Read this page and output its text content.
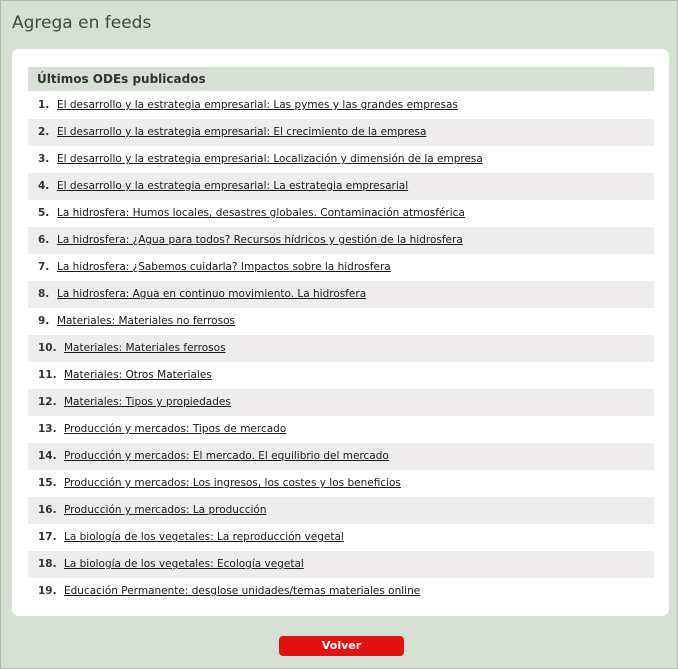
Agrega en feeds
Últimos ODEs publicados
1. El desarrollo y la estrategia empresarial: Las pymes y las grandes empresas
2. El desarrollo y la estrategia empresarial: El crecimiento de la empresa
3. El desarrollo y la estrategia empresarial: Localización y dimensión de la empresa
4. El desarrollo y la estrategia empresarial: La estrategia empresarial
5. La hidrosfera: Humos locales, desastres globales. Contaminación atmosférica
6. La hidrosfera: ¿Agua para todos? Recursos hídricos y gestión de la hidrosfera
7. La hidrosfera: ¿Sabemos cuidarla? Impactos sobre la hidrosfera
8. La hidrosfera: Agua en continuo movimiento. La hidrosfera
9. Materiales: Materiales no ferrosos
10. Materiales: Materiales ferrosos
11. Materiales: Otros Materiales
12. Materiales: Tipos y propiedades
13. Producción y mercados: Tipos de mercado
14. Producción y mercados: El mercado. El equilibrio del mercado
15. Producción y mercados: Los ingresos, los costes y los beneficios
16. Producción y mercados: La producción
17. La biología de los vegetales: La reproducción vegetal
18. La biología de los vegetales: Ecología vegetal
19. Educación Permanente: desglose unidades/temas materiales online
Volver
